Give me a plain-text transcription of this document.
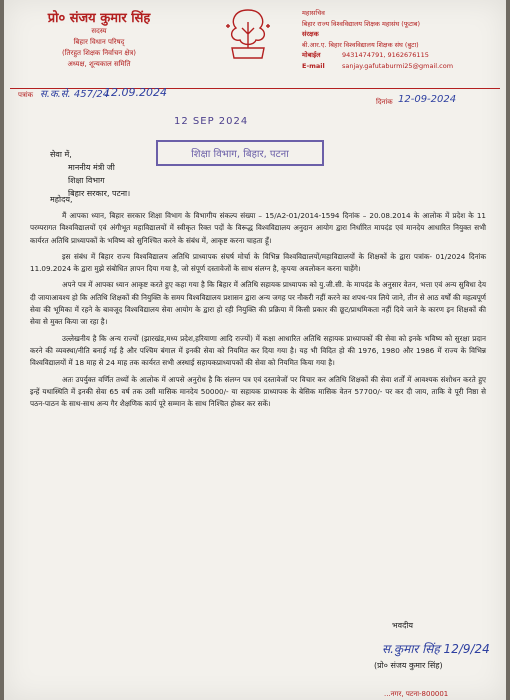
प्रो० संजय कुमार सिंह
सदस्य
बिहार विधान परिषद्
(तिरहुत शिक्षक निर्वाचन क्षेत्र)
अध्यक्ष, शून्यकाल समिति
महासचिव
बिहार राज्य विश्वविद्यालय शिक्षक महासंघ (फूटाब)
संरक्षक
बी.आर.ए. बिहार विश्वविद्यालय शिक्षक संघ (बुटा)
मोबाईल	9431474791, 9162676115
E-mail	sanjay.gafutaburmi25@gmail.com
पत्रांक स.क.से. 457/24
12.09.2024
दिनांक 12-09-2024
12 SEP 2024
शिक्षा विभाग, बिहार, पटना
सेवा में,
माननीय मंत्री जी
शिक्षा विभाग
बिहार सरकार, पटना।
महोदय,

मैं आपका ध्यान, बिहार सरकार शिक्षा विभाग के विभागीय संकल्प संख्या – 15/A2-01/2014-1594 दिनांक – 20.08.2014 के आलोक में प्रदेश के 11 परम्परागत विश्वविद्यालयों एवं अंगीभूत महाविद्यालयों में स्वीकृत रिक्त पदों के विरूद्ध विश्वविद्यालय अनुदान आयोग द्वारा निर्धारित मापदंड एवं मानदेय आधारित नियुक्त सभी कार्यरत अतिथि प्राध्यापकों के भविष्य को सुनिश्चित करने के संबंध में, आकृष्ट करना चाहता हूँ।

इस संबंध में बिहार राज्य विश्वविद्यालय अतिथि प्राध्यापक संघर्ष मोर्चा के विभिन्न विश्वविद्यालयों/महाविद्यालयों के शिक्षकों के द्वारा पत्रांक- 01/2024 दिनांक 11.09.2024 के द्वारा मुझे संबोधित ज्ञापन दिया गया है, जो संपूर्ण दस्तावेजों के साथ संलग्न है, कृपया अवलोकन करना चाहेंगे।

अपने पत्र में आपका ध्यान आकृष्ट करते हुए कहा गया है कि बिहार में अतिथि सहायक प्राध्यापक को यु.जी.सी. के मापदंड के अनुसार वेतन, भत्ता एवं अन्य सुविधा देय दी जायाआवश्य हो कि अतिथि शिक्षकों की नियुक्ति के समय विश्वविद्यालय प्रशासन द्वारा अन्य जगह पर नौकरी नहीं करने का शपथ-पत्र लिये जाने, तीन से आठ वर्षों की महत्वपूर्ण सेवा की भूमिका में रहने के बावजूद विश्वविद्यालय सेवा आयोग के द्वारा हो रही नियुक्ति की प्रक्रिया में किसी प्रकार की छूट/प्राथमिकता नहीं दिये जाने के कारण इन शिक्षकों की सेवा से मुक्त किया जा रहा है।

उल्लेखनीय है कि अन्य राज्यों (झारखंड,मध्य प्रदेश,हरियाणा आदि राज्यों) में कक्षा आधारित अतिथि सहायक प्राध्यापकों की सेवा को इनके भविष्य को सुरक्षा प्रदान करने की व्यवस्था/नीति बनाई गई है और पश्चिम बंगाल में इनकी सेवा को नियमित कर दिया गया है। यह भी विदित हो की 1976, 1980 और 1986 में राज्य के विभिन्न विश्वविद्यालयों में 18 माह से 24 माह तक कार्यरत सभी अस्थाई सहायकप्राध्यापकों की सेवा को नियमित किया गया है।

अतः उपर्युक्त वर्णित तथ्यों के आलोक में आपसे अनुरोध है कि संलग्न पत्र एवं दस्तावेजों पर विचार कर अतिथि शिक्षकों की सेवा शर्तों में आवश्यक संशोधन करते हुए इन्हें यथास्थिति में इनकी सेवा 65 वर्ष तक उसी मासिक मानदेय 50000/- या सहायक प्राध्यापक के बेसिक मासिक वेतन 57700/- पर कर दी जाय, ताकि वे पूरी निष्ठा से पठन-पाठन के साथ-साथ अन्य गैर शैक्षणिक कार्य पूरे सम्मान के साथ निश्चित होकर कर सकें।

भवदीय
स.कुमार सिंह 12/9/24
(प्रो० संजय कुमार सिंह)
...नगर, पटना-800001
